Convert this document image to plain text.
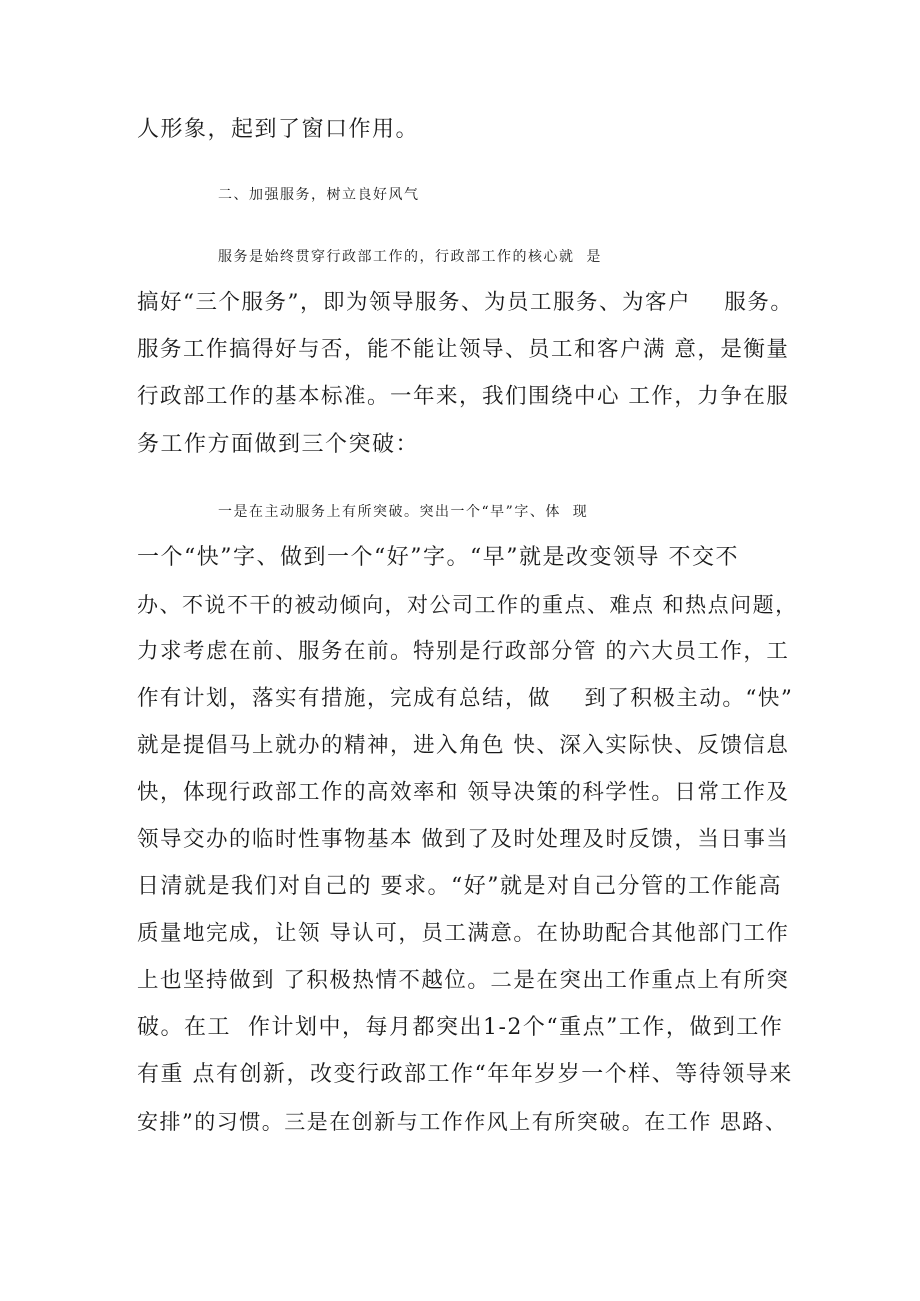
人形象，起到了窗口作用。
二、加强服务，树立良好风气
服务是始终贯穿行政部工作的，行政部工作的核心就  是
搞好“三个服务”，即为领导服务、为员工服务、为客户    服务。
服务工作搞得好与否，能不能让领导、员工和客户满 意，是衡量
行政部工作的基本标准。一年来，我们围绕中心 工作，力争在服
务工作方面做到三个突破：
一是在主动服务上有所突破。突出一个“早”字、体  现
一个“快”字、做到一个“好”字。“早”就是改变领导 不交不
办、不说不干的被动倾向，对公司工作的重点、难点 和热点问题，
力求考虑在前、服务在前。特别是行政部分管 的六大员工作，工
作有计划，落实有措施，完成有总结，做    到了积极主动。“快”
就是提倡马上就办的精神，进入角色 快、深入实际快、反馈信息
快，体现行政部工作的高效率和 领导决策的科学性。日常工作及
领导交办的临时性事物基本 做到了及时处理及时反馈，当日事当
日清就是我们对自己的 要求。“好”就是对自己分管的工作能高
质量地完成，让领 导认可，员工满意。在协助配合其他部门工作
上也坚持做到 了积极热情不越位。二是在突出工作重点上有所突
破。在工  作计划中，每月都突出1-2个“重点”工作，做到工作
有重 点有创新，改变行政部工作“年年岁岁一个样、等待领导来
安排”的习惯。三是在创新与工作作风上有所突破。在工作 思路、
